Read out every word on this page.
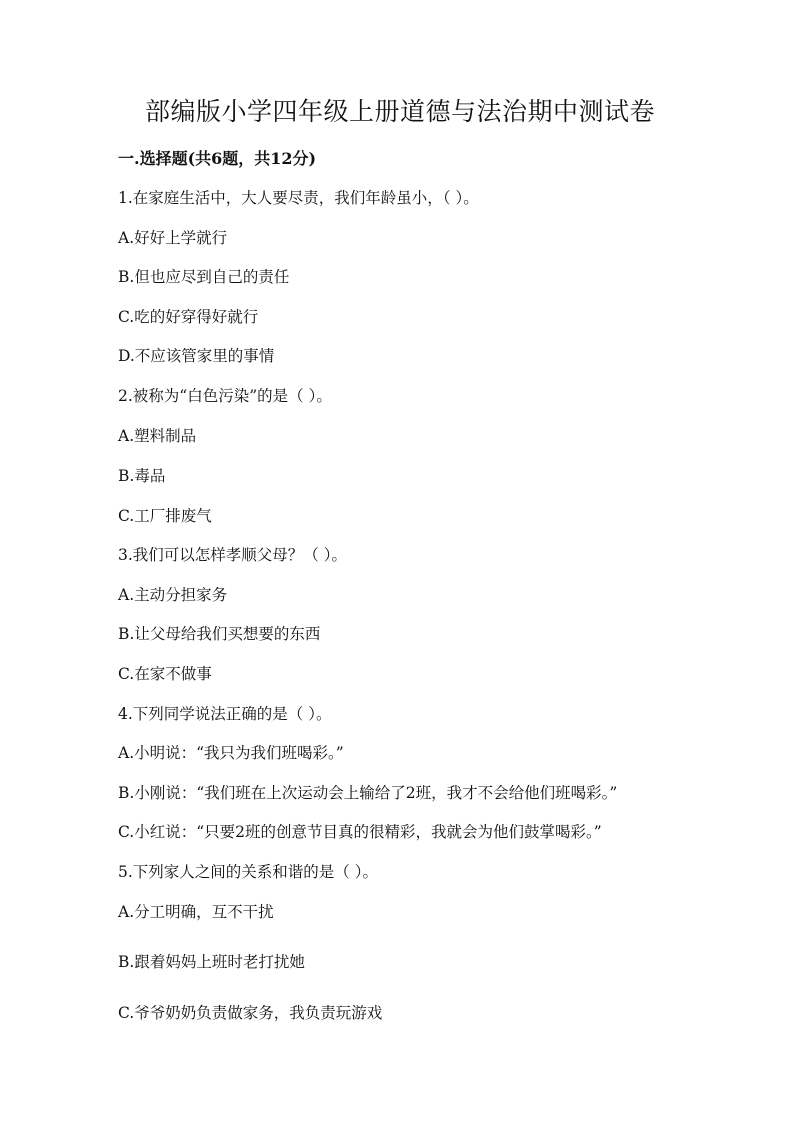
部编版小学四年级上册道德与法治期中测试卷
一.选择题(共6题，共12分)
1.在家庭生活中，大人要尽责，我们年龄虽小，（ ）。
A.好好上学就行
B.但也应尽到自己的责任
C.吃的好穿得好就行
D.不应该管家里的事情
2.被称为“白色污染”的是（ ）。
A.塑料制品
B.毒品
C.工厂排废气
3.我们可以怎样孝顺父母？（ ）。
A.主动分担家务
B.让父母给我们买想要的东西
C.在家不做事
4.下列同学说法正确的是（ ）。
A.小明说：“我只为我们班喝彩。”
B.小刚说：“我们班在上次运动会上输给了2班，我才不会给他们班喝彩。”
C.小红说：“只要2班的创意节目真的很精彩，我就会为他们鼓掌喝彩。”
5.下列家人之间的关系和谐的是（ ）。
A.分工明确，互不干扰
B.跟着妈妈上班时老打扰她
C.爷爷奶奶负责做家务，我负责玩游戏
